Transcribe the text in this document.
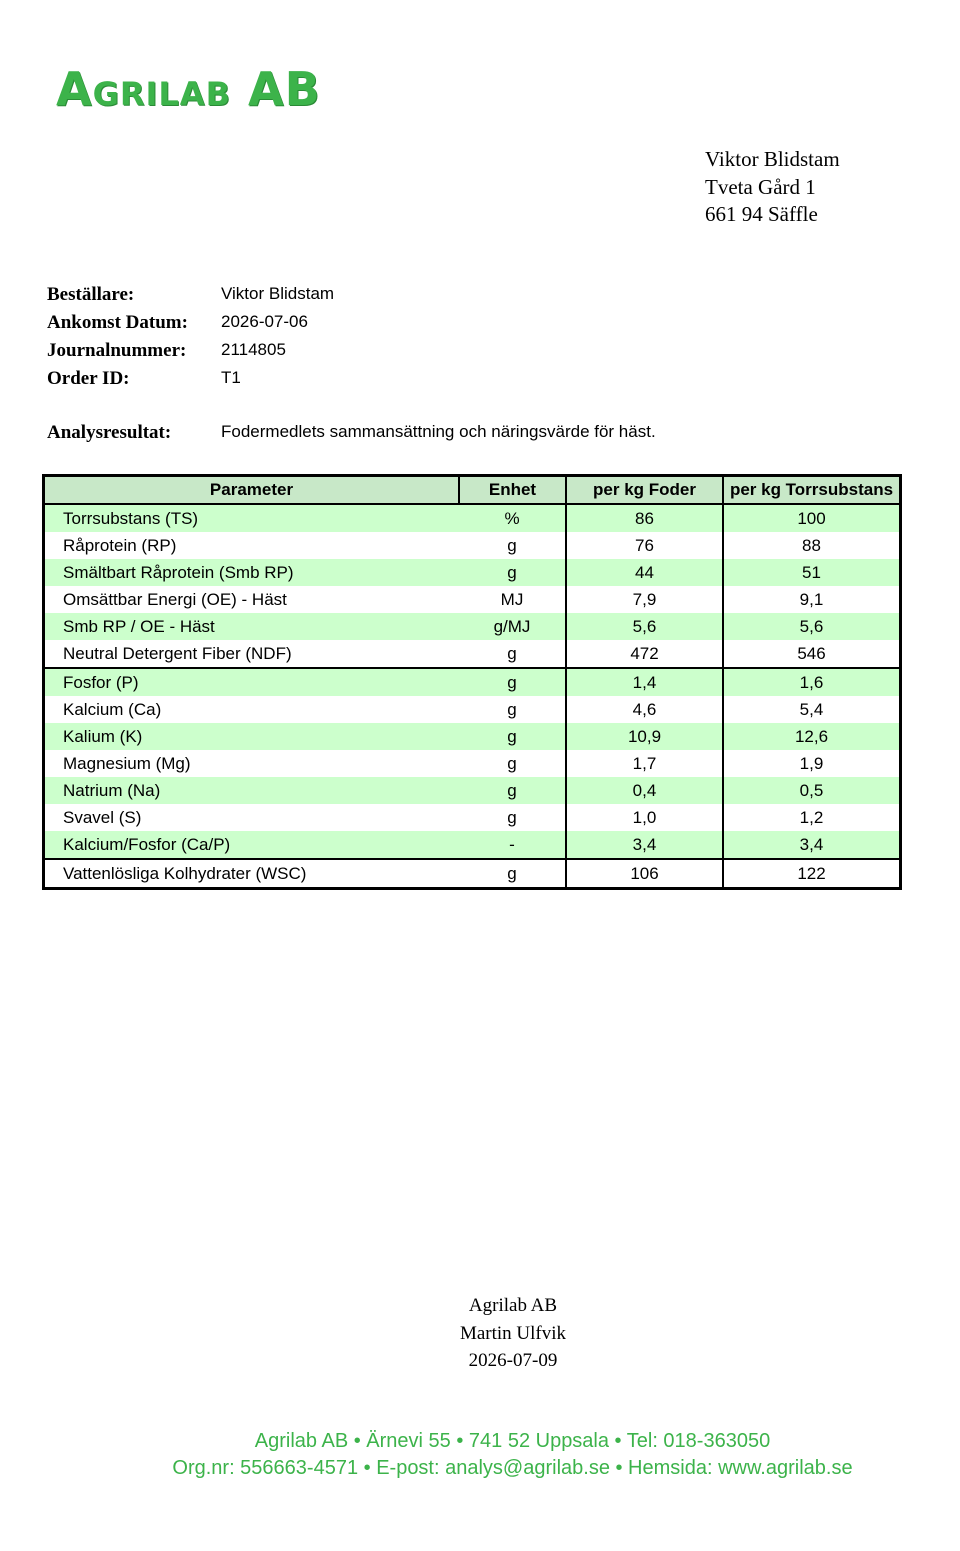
Agrilab AB
Viktor Blidstam
Tveta Gård 1
661 94 Säffle
Beställare:	Viktor Blidstam
Ankomst Datum:	2026-07-06
Journalnummer:	2114805
Order ID:	T1
Analysresultat:	Fodermedlets sammansättning och näringsvärde för häst.
Parameter	Enhet	per kg Foder	per kg Torrsubstans
Torrsubstans (TS)	%	86	100
Råprotein (RP)	g	76	88
Smältbart Råprotein (Smb RP)	g	44	51
Omsättbar Energi (OE) - Häst	MJ	7,9	9,1
Smb RP / OE - Häst	g/MJ	5,6	5,6
Neutral Detergent Fiber (NDF)	g	472	546
Fosfor (P)	g	1,4	1,6
Kalcium (Ca)	g	4,6	5,4
Kalium (K)	g	10,9	12,6
Magnesium (Mg)	g	1,7	1,9
Natrium (Na)	g	0,4	0,5
Svavel (S)	g	1,0	1,2
Kalcium/Fosfor (Ca/P)	-	3,4	3,4
Vattenlösliga Kolhydrater (WSC)	g	106	122
Agrilab AB
Martin Ulfvik
2026-07-09
Agrilab AB • Ärnevi 55 • 741 52 Uppsala • Tel: 018-363050
Org.nr: 556663-4571 • E-post: analys@agrilab.se • Hemsida: www.agrilab.se
